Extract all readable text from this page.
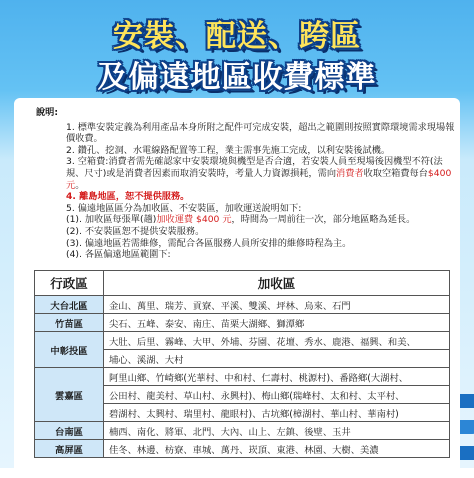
安裝、配送、跨區
及偏遠地區收費標準
說明:
1. 標準安裝定義為利用產品本身所附之配件可完成安裝，超出之範圍則按照實際環境需求現場報價收費。
2. 鑽孔、挖洞、水電線路配置等工程，業主需事先施工完成，以利安裝後試機。
3. 空箱費:消費者需先確認家中安裝環境與機型是否合適，若安裝人員至現場後因機型不符(法規、尺寸)或是消費者因素而取消安裝時，考量人力資源損耗，需向消費者收取空箱費每台$400 元。
4. 離島地區，恕不提供服務。
5. 偏遠地區區分為加收區、不安裝區，加收運送說明如下:
(1). 加收區每張單(趟)加收運費 $400 元，時間為一周前往一次，部分地區略為延長。
(2). 不安裝區恕不提供安裝服務。
(3). 偏遠地區若需維修，需配合各區服務人員所安排的維修時程為主。
(4). 各區偏遠地區範圍下:
行政區	加收區
大台北區	金山、萬里、瑞芳、貢寮、平溪、雙溪、坪林、烏來、石門
竹苗區	尖石、五峰、泰安、南庄、苗栗大湖鄉、獅潭鄉
中彰投區	大肚、后里、霧峰、大甲、外埔、芬園、花壇、秀水、鹿港、福興、和美、
	埔心、溪湖、大村
雲嘉區	阿里山鄉、竹崎鄉(光華村、中和村、仁壽村、桃源村)、番路鄉(大湖村、
	公田村、龍美村、草山村、永興村)、梅山鄉(瑞峰村、太和村、太平村、
	碧湖村、太興村、瑞里村、龍眼村)、古坑鄉(樟湖村、華山村、華南村)
台南區	楠西、南化、將軍、北門、大內、山上、左鎮、後壁、玉井
高屏區	佳冬、林邊、枋寮、車城、萬丹、崁頂、東港、林園、大樹、美濃
